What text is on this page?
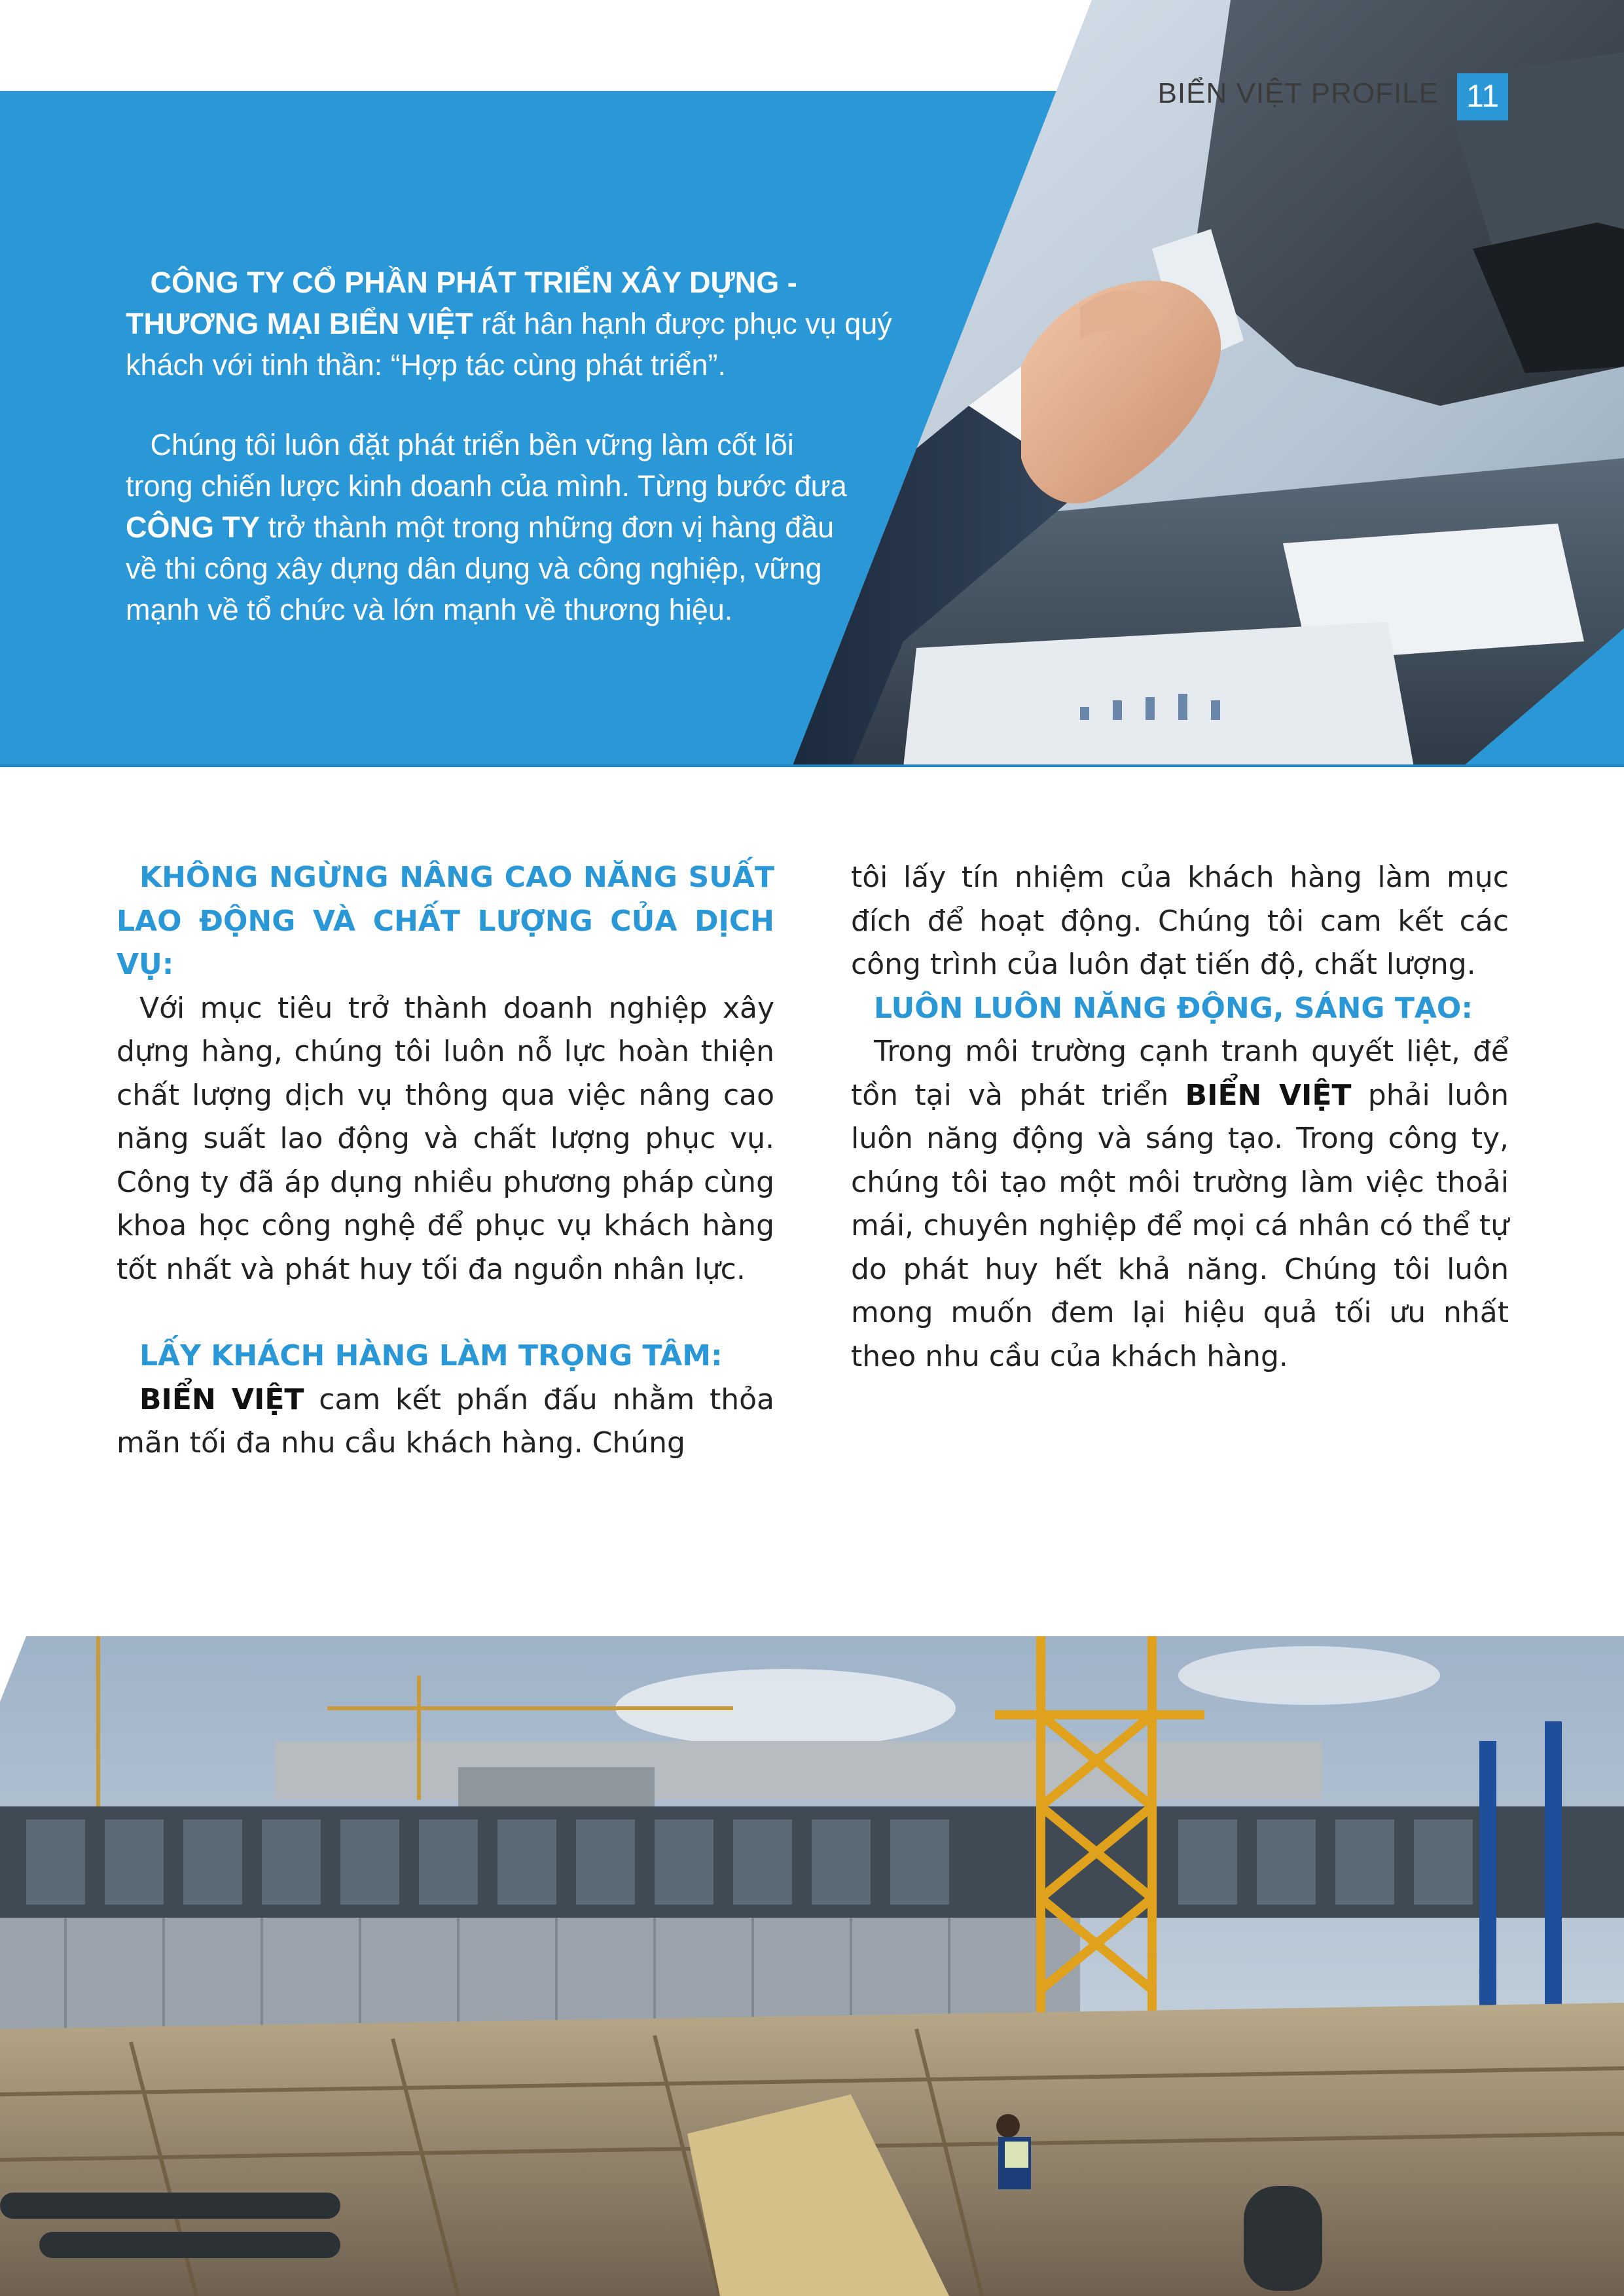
BIỂN VIỆT PROFILE 11
CÔNG TY CỔ PHẦN PHÁT TRIỂN XÂY DỰNG - THƯƠNG MẠI BIỂN VIỆT rất hân hạnh được phục vụ quý khách với tinh thần: “Hợp tác cùng phát triển”.
Chúng tôi luôn đặt phát triển bền vững làm cốt lõi trong chiến lược kinh doanh của mình. Từng bước đưa CÔNG TY trở thành một trong những đơn vị hàng đầu về thi công xây dựng dân dụng và công nghiệp, vững mạnh về tổ chức và lớn mạnh về thương hiệu.
KHÔNG NGỪNG NÂNG CAO NĂNG SUẤT LAO ĐỘNG VÀ CHẤT LƯỢNG CỦA DỊCH VỤ:
Với mục tiêu trở thành doanh nghiệp xây dựng hàng, chúng tôi luôn nỗ lực hoàn thiện chất lượng dịch vụ thông qua việc nâng cao năng suất lao động và chất lượng phục vụ. Công ty đã áp dụng nhiều phương pháp cùng khoa học công nghệ để phục vụ khách hàng tốt nhất và phát huy tối đa nguồn nhân lực.
LẤY KHÁCH HÀNG LÀM TRỌNG TÂM:
BIỂN VIỆT cam kết phấn đấu nhằm thỏa mãn tối đa nhu cầu khách hàng. Chúng
tôi lấy tín nhiệm của khách hàng làm mục đích để hoạt động. Chúng tôi cam kết các công trình của luôn đạt tiến độ, chất lượng.
LUÔN LUÔN NĂNG ĐỘNG, SÁNG TẠO:
Trong môi trường cạnh tranh quyết liệt, để tồn tại và phát triển BIỂN VIỆT phải luôn luôn năng động và sáng tạo. Trong công ty, chúng tôi tạo một môi trường làm việc thoải mái, chuyên nghiệp để mọi cá nhân có thể tự do phát huy hết khả năng. Chúng tôi luôn mong muốn đem lại hiệu quả tối ưu nhất theo nhu cầu của khách hàng.
